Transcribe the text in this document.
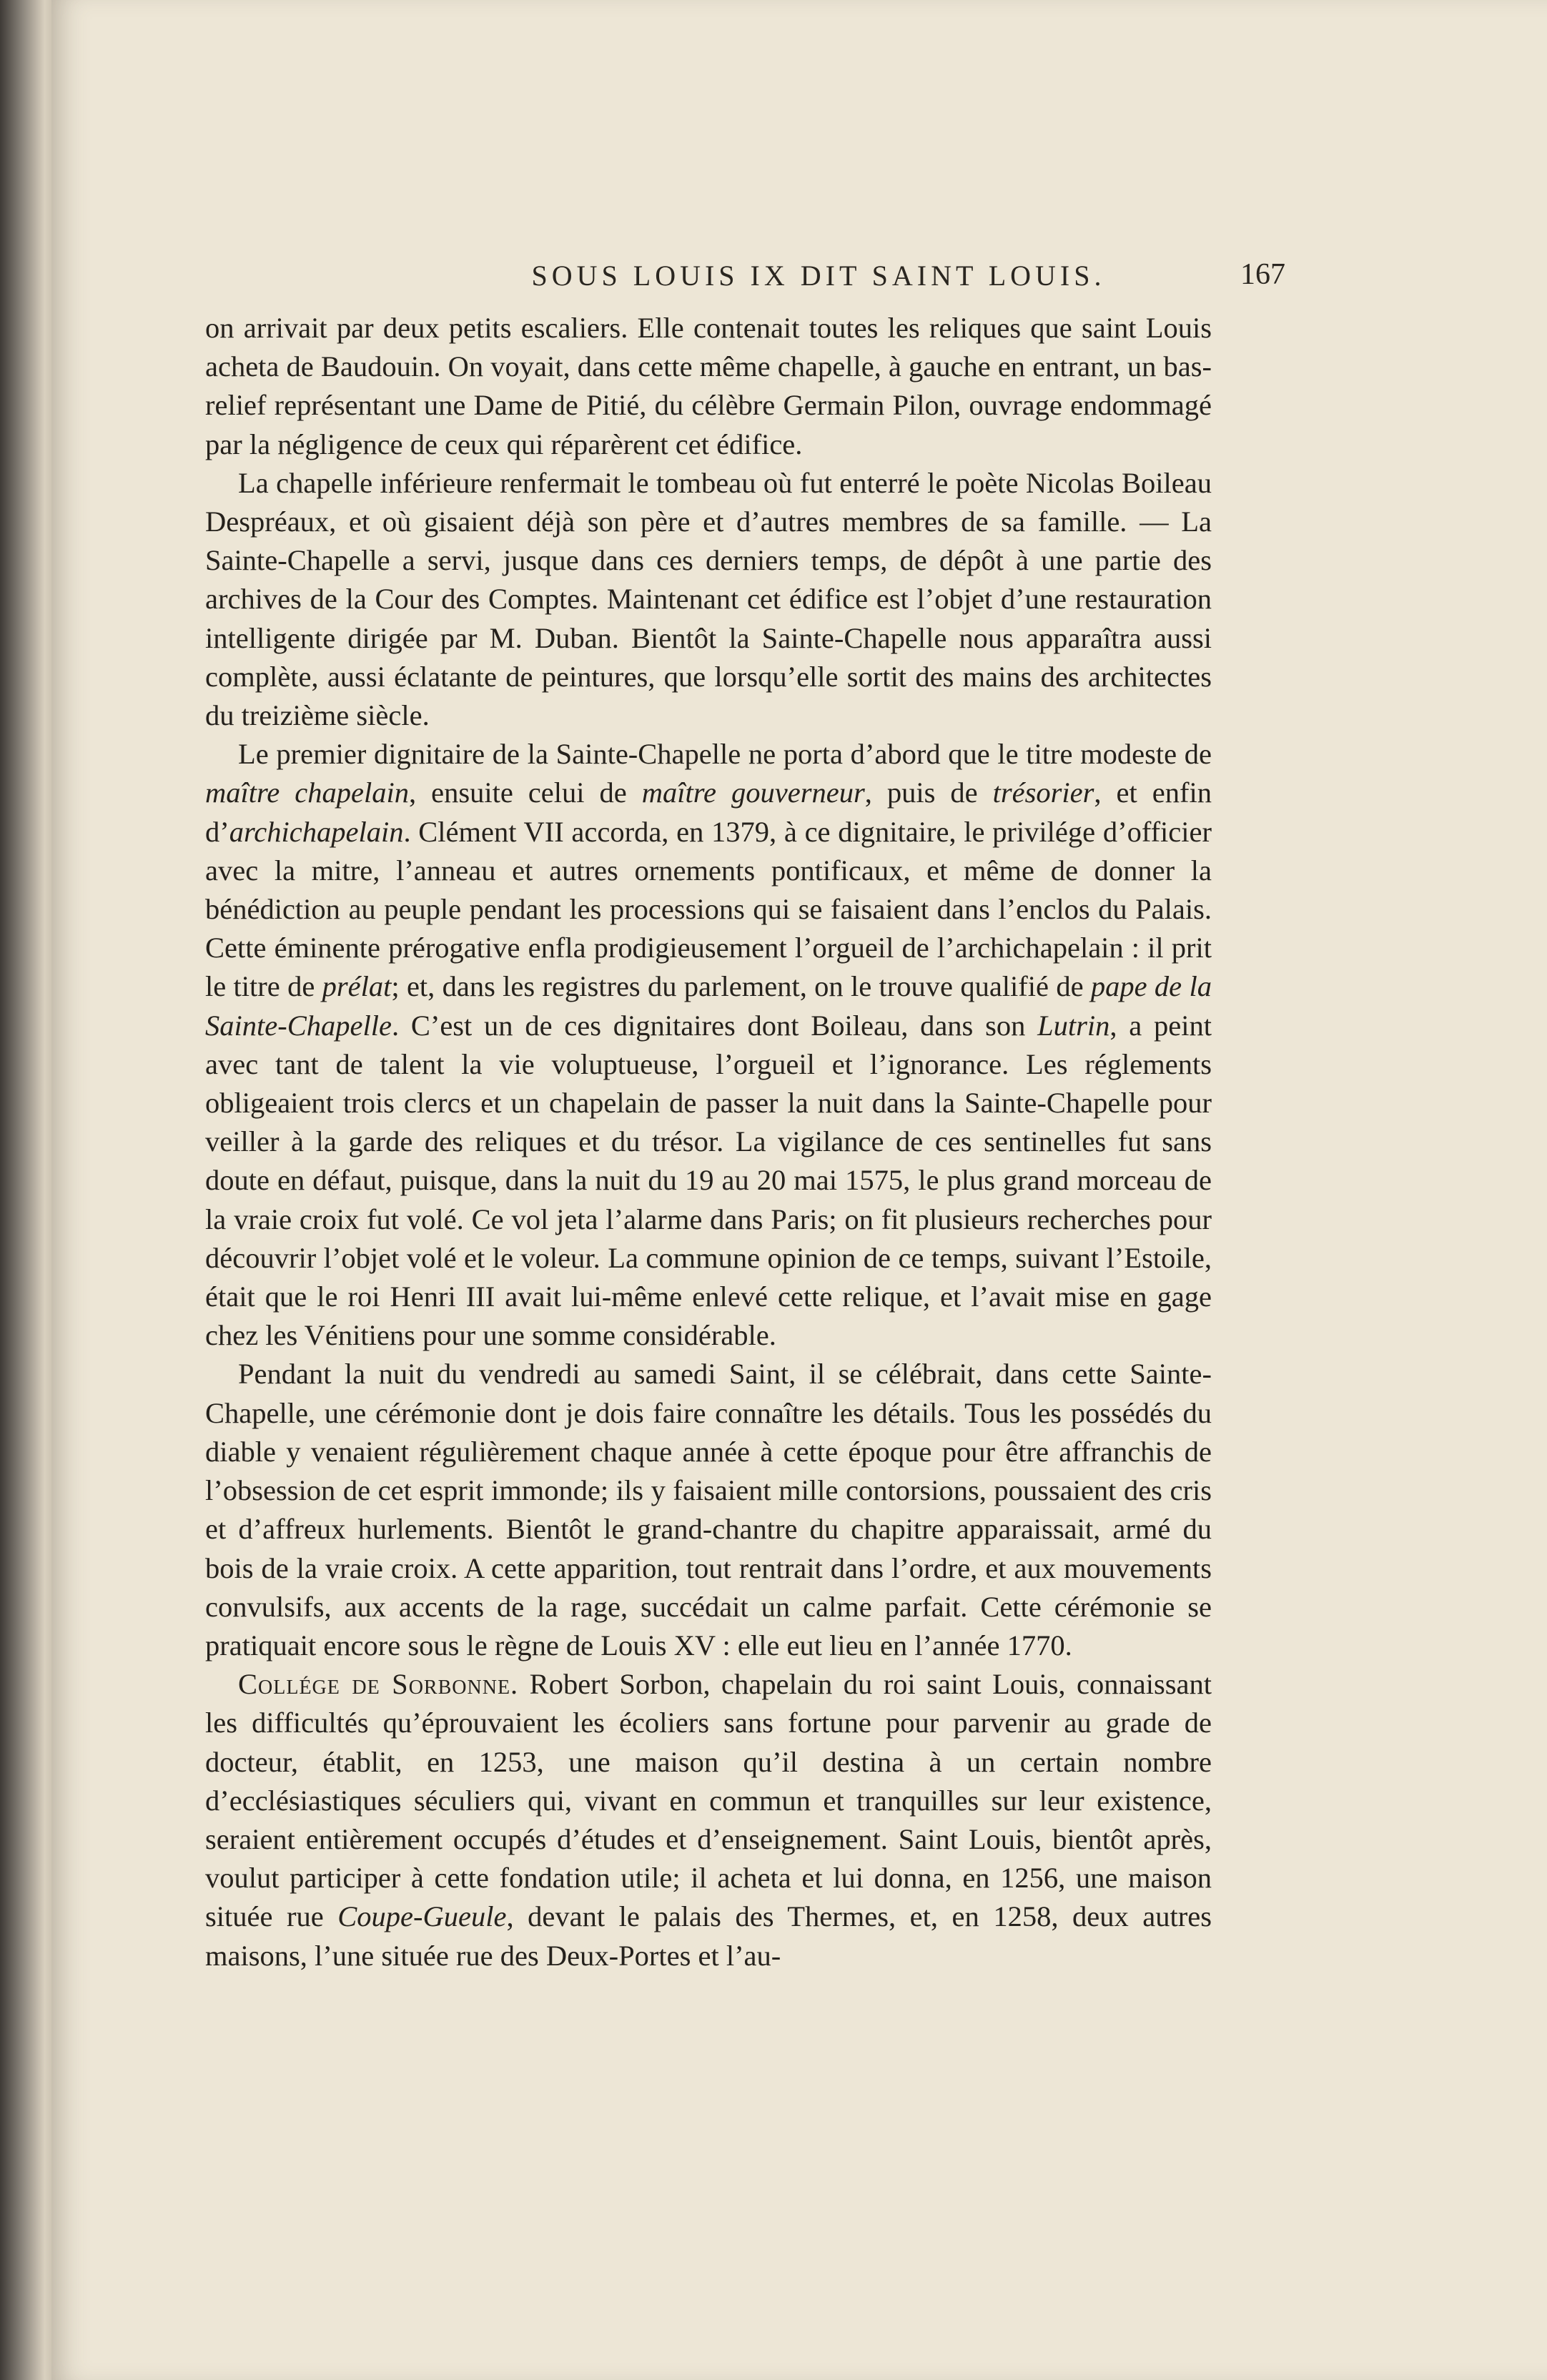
SOUS LOUIS IX DIT SAINT LOUIS.	167

on arrivait par deux petits escaliers. Elle contenait toutes les reliques que saint Louis acheta de Baudouin. On voyait, dans cette même chapelle, à gauche en entrant, un bas-relief représentant une Dame de Pitié, du célèbre Germain Pilon, ouvrage endommagé par la négligence de ceux qui réparèrent cet édifice.

La chapelle inférieure renfermait le tombeau où fut enterré le poète Nicolas Boileau Despréaux, et où gisaient déjà son père et d’autres membres de sa famille. — La Sainte-Chapelle a servi, jusque dans ces derniers temps, de dépôt à une partie des archives de la Cour des Comptes. Maintenant cet édifice est l’objet d’une restauration intelligente dirigée par M. Duban. Bientôt la Sainte-Chapelle nous apparaîtra aussi complète, aussi éclatante de peintures, que lorsqu’elle sortit des mains des architectes du treizième siècle.

Le premier dignitaire de la Sainte-Chapelle ne porta d’abord que le titre modeste de maître chapelain, ensuite celui de maître gouverneur, puis de trésorier, et enfin d’archichapelain. Clément VII accorda, en 1379, à ce dignitaire, le privilége d’officier avec la mitre, l’anneau et autres ornements pontificaux, et même de donner la bénédiction au peuple pendant les processions qui se faisaient dans l’enclos du Palais. Cette éminente prérogative enfla prodigieusement l’orgueil de l’archichapelain : il prit le titre de prélat; et, dans les registres du parlement, on le trouve qualifié de pape de la Sainte-Chapelle. C’est un de ces dignitaires dont Boileau, dans son Lutrin, a peint avec tant de talent la vie voluptueuse, l’orgueil et l’ignorance. Les réglements obligeaient trois clercs et un chapelain de passer la nuit dans la Sainte-Chapelle pour veiller à la garde des reliques et du trésor. La vigilance de ces sentinelles fut sans doute en défaut, puisque, dans la nuit du 19 au 20 mai 1575, le plus grand morceau de la vraie croix fut volé. Ce vol jeta l’alarme dans Paris; on fit plusieurs recherches pour découvrir l’objet volé et le voleur. La commune opinion de ce temps, suivant l’Estoile, était que le roi Henri III avait lui-même enlevé cette relique, et l’avait mise en gage chez les Vénitiens pour une somme considérable.

Pendant la nuit du vendredi au samedi Saint, il se célébrait, dans cette Sainte-Chapelle, une cérémonie dont je dois faire connaître les détails. Tous les possédés du diable y venaient régulièrement chaque année à cette époque pour être affranchis de l’obsession de cet esprit immonde; ils y faisaient mille contorsions, poussaient des cris et d’affreux hurlements. Bientôt le grand-chantre du chapitre apparaissait, armé du bois de la vraie croix. A cette apparition, tout rentrait dans l’ordre, et aux mouvements convulsifs, aux accents de la rage, succédait un calme parfait. Cette cérémonie se pratiquait encore sous le règne de Louis XV : elle eut lieu en l’année 1770.

Collége de Sorbonne. Robert Sorbon, chapelain du roi saint Louis, connaissant les difficultés qu’éprouvaient les écoliers sans fortune pour parvenir au grade de docteur, établit, en 1253, une maison qu’il destina à un certain nombre d’ecclésiastiques séculiers qui, vivant en commun et tranquilles sur leur existence, seraient entièrement occupés d’études et d’enseignement. Saint Louis, bientôt après, voulut participer à cette fondation utile; il acheta et lui donna, en 1256, une maison située rue Coupe-Gueule, devant le palais des Thermes, et, en 1258, deux autres maisons, l’une située rue des Deux-Portes et l’au-
